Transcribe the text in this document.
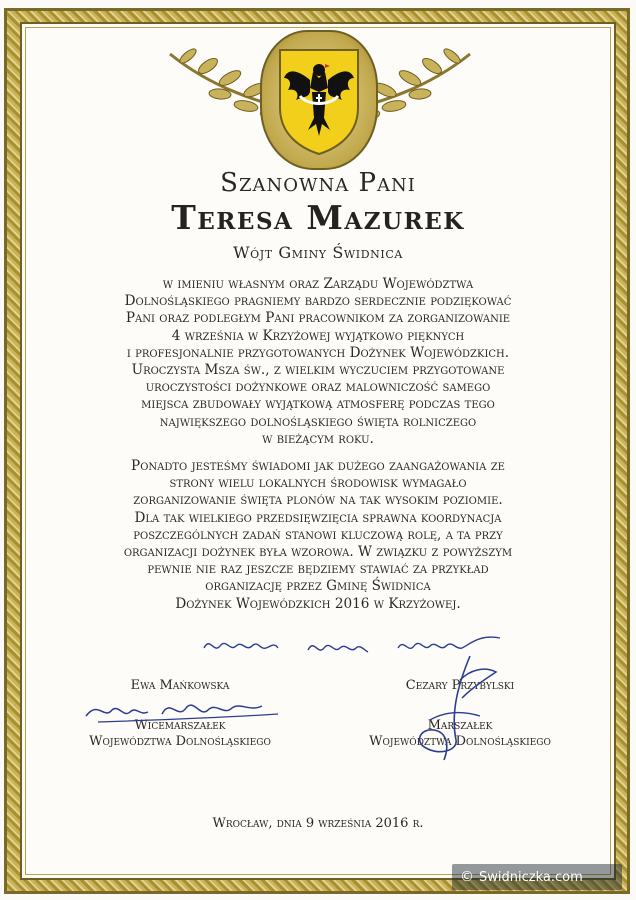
Szanowna Pani
Teresa Mazurek
Wójt Gminy Świdnica
w imieniu własnym oraz Zarządu Województwa
Dolnośląskiego pragniemy bardzo serdecznie podziękować
Pani oraz podległym Pani pracownikom za zorganizowanie
4 września w Krzyżowej wyjątkowo pięknych
i profesjonalnie przygotowanych Dożynek Wojewódzkich.
Uroczysta Msza św., z wielkim wyczuciem przygotowane
uroczystości dożynkowe oraz malowniczość samego
miejsca zbudowały wyjątkową atmosferę podczas tego
największego dolnośląskiego święta rolniczego
w bieżącym roku.
Ponadto jesteśmy świadomi jak dużego zaangażowania ze
strony wielu lokalnych środowisk wymagało
zorganizowanie święta plonów na tak wysokim poziomie.
Dla tak wielkiego przedsięwzięcia sprawna koordynacja
poszczególnych zadań stanowi kluczową rolę, a ta przy
organizacji dożynek była wzorowa. W związku z powyższym
pewnie nie raz jeszcze będziemy stawiać za przykład
organizację przez Gminę Świdnica
Dożynek Wojewódzkich 2016 w Krzyżowej.
Ewa Mańkowska
Wicemarszałek
Województwa Dolnośląskiego
Cezary Przybylski
Marszałek
Województwa Dolnośląskiego
Wrocław, dnia 9 września 2016 r.
© Swidniczka.com
